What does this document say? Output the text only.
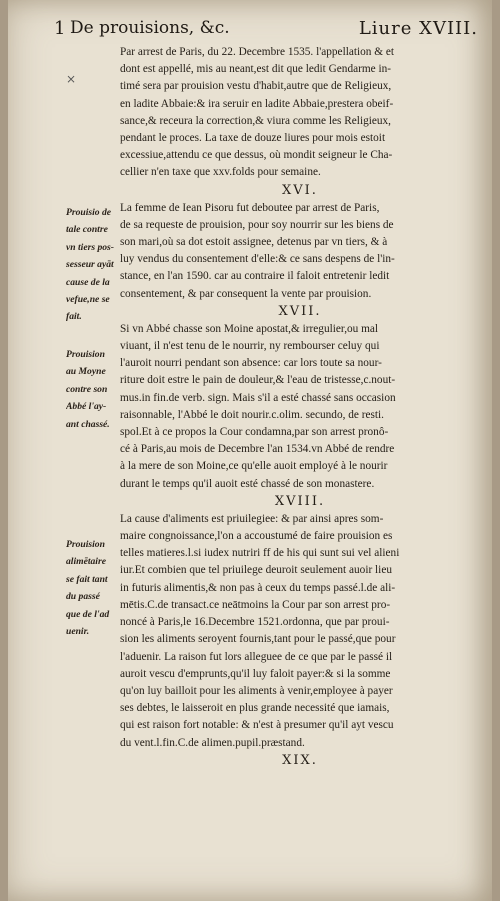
1 De prouisions, &c.	Liure XVIII.
×
Par arrest de Paris, du 22. Decembre 1535. l'appellation & et
dont est appellé, mis au neant,est dit que ledit Gendarme in-
timé sera par prouision vestu d'habit,autre que de Religieux,
en ladite Abbaie:& ira seruir en ladite Abbaie,prestera obeif-
sance,& receura la correction,& viura comme les Religieux,
pendant le proces. La taxe de douze liures pour mois estoit
excessiue,attendu ce que dessus, où mondit seigneur le Cha-
cellier n'en taxe que xxv.folds pour semaine.
XVI.
La femme de Iean Pisoru fut deboutee par arrest de Paris,
de sa requeste de prouision, pour soy nourrir sur les biens de
son mari,où sa dot estoit assignee, detenus par vn tiers, & à
luy vendus du consentement d'elle:& ce sans despens de l'in-
stance, en l'an 1590. car au contraire il faloit entretenir ledit
consentement, & par consequent la vente par prouision.
XVII.
Si vn Abbé chasse son Moine apostat,& irregulier,ou mal
viuant, il n'est tenu de le nourrir, ny rembourser celuy qui
l'auroit nourri pendant son absence: car lors toute sa nour-
riture doit estre le pain de douleur,& l'eau de tristesse,c.nout-
mus.in fin.de verb. sign. Mais s'il a esté chassé sans occasion
raisonnable, l'Abbé le doit nourir.c.olim. secundo, de resti.
spol.Et à ce propos la Cour condamna,par son arrest pronô-
cé à Paris,au mois de Decembre l'an 1534.vn Abbé de rendre
à la mere de son Moine,ce qu'elle auoit employé à le nourir
durant le temps qu'il auoit esté chassé de son monastere.
XVIII.
La cause d'aliments est priuilegiee: & par ainsi apres som-
maire congnoissance,l'on a accoustumé de faire prouision es
telles matieres.l.si iudex nutriri ff de his qui sunt sui vel alieni
iur.Et combien que tel priuilege deuroit seulement auoir lieu
in futuris alimentis,& non pas à ceux du temps passé.l.de ali-
mētis.C.de transact.ce neātmoins la Cour par son arrest pro-
noncé à Paris,le 16.Decembre 1521.ordonna, que par proui-
sion les aliments seroyent fournis,tant pour le passé,que pour
l'aduenir. La raison fut lors alleguee de ce que par le passé il
auroit vescu d'emprunts,qu'il luy faloit payer:& si la somme
qu'on luy bailloit pour les aliments à venir,employee à payer
ses debtes, le laisseroit en plus grande necessité que iamais,
qui est raison fort notable: & n'est à presumer qu'il ayt vescu
du vent.l.fin.C.de alimen.pupil.præstand.
XIX.
Prouisio de
tale contre
vn tiers pos-
sesseur ayāt
cause de la
vefue,ne se
fait.
Prouision
au Moyne
contre son
Abbé l'ay-
ant chassé.
Prouision
alimētaire
se fait tant
du passé
que de l'ad
uenir.
